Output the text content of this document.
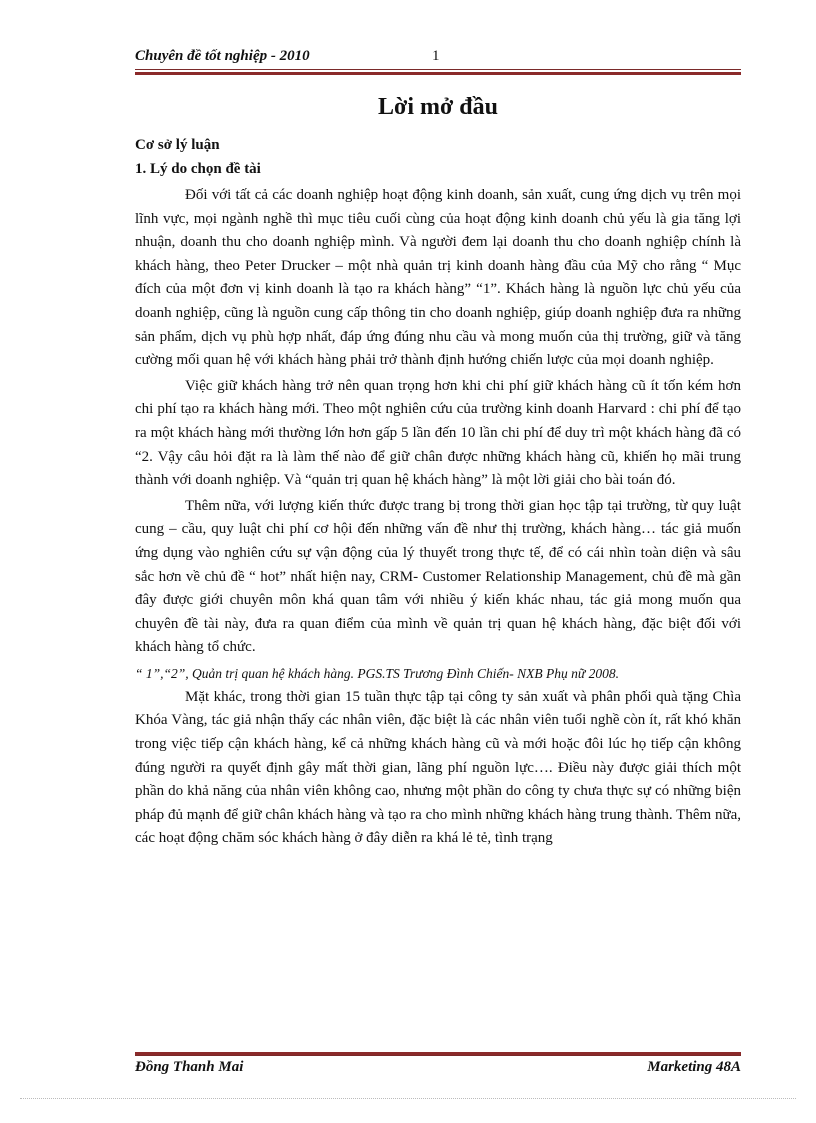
Chuyên đề tốt nghiệp - 2010	1
Lời mở đầu

Cơ sở lý luận

1. Lý do chọn đề tài

Đối với tất cả các doanh nghiệp hoạt động kinh doanh, sản xuất, cung ứng dịch vụ trên mọi lĩnh vực, mọi ngành nghề thì mục tiêu cuối cùng của hoạt động kinh doanh chủ yếu là gia tăng lợi nhuận, doanh thu cho doanh nghiệp mình. Và người đem lại doanh thu cho doanh nghiệp chính là khách hàng, theo Peter Drucker – một nhà quản trị kinh doanh hàng đầu của Mỹ cho rằng “ Mục đích của một đơn vị kinh doanh là tạo ra khách hàng” “1”. Khách hàng là nguồn lực chủ yếu của doanh nghiệp, cũng là nguồn cung cấp thông tin cho doanh nghiệp, giúp doanh nghiệp đưa ra những sản phẩm, dịch vụ phù hợp nhất, đáp ứng đúng nhu cầu và mong muốn của thị trường, giữ và tăng cường mối quan hệ với khách hàng phải trở thành định hướng chiến lược của mọi doanh nghiệp.

Việc giữ khách hàng trở nên quan trọng hơn khi chi phí giữ khách hàng cũ ít tốn kém hơn chi phí tạo ra khách hàng mới. Theo một nghiên cứu của trường kinh doanh Harvard : chi phí để tạo ra một khách hàng mới thường lớn hơn gấp 5 lần đến 10 lần chi phí để duy trì một khách hàng đã có “2. Vậy câu hỏi đặt ra là làm thế nào để giữ chân được những khách hàng cũ, khiến họ mãi trung thành với doanh nghiệp. Và “quản trị quan hệ khách hàng” là một lời giải cho bài toán đó.

Thêm nữa, với lượng kiến thức được trang bị trong thời gian học tập tại trường, từ quy luật cung – cầu, quy luật chi phí cơ hội đến những vấn đề như thị trường, khách hàng… tác giả muốn ứng dụng vào nghiên cứu sự vận động của lý thuyết trong thực tế, để có cái nhìn toàn diện và sâu sắc hơn về chủ đề “ hot” nhất hiện nay, CRM- Customer Relationship Management, chủ đề mà gần đây được giới chuyên môn khá quan tâm với nhiều ý kiến khác nhau, tác giả mong muốn qua chuyên đề tài này, đưa ra quan điểm của mình về quản trị quan hệ khách hàng, đặc biệt đối với khách hàng tổ chức.

“ 1”,“2”, Quản trị quan hệ khách hàng. PGS.TS Trương Đình Chiến- NXB Phụ nữ 2008.

Mặt khác, trong thời gian 15 tuần thực tập tại công ty sản xuất và phân phối quà tặng Chìa Khóa Vàng, tác giả nhận thấy các nhân viên, đặc biệt là các nhân viên tuổi nghề còn ít, rất khó khăn trong việc tiếp cận khách hàng, kể cả những khách hàng cũ và mới hoặc đôi lúc họ tiếp cận không đúng người ra quyết định gây mất thời gian, lãng phí nguồn lực…. Điều này được giải thích một phần do khả năng của nhân viên không cao, nhưng một phần do công ty chưa thực sự có những biện pháp đủ mạnh để giữ chân khách hàng và tạo ra cho mình những khách hàng trung thành. Thêm nữa, các hoạt động chăm sóc khách hàng ở đây diễn ra khá lẻ tẻ, tình trạng

Đồng Thanh Mai	Marketing 48A
